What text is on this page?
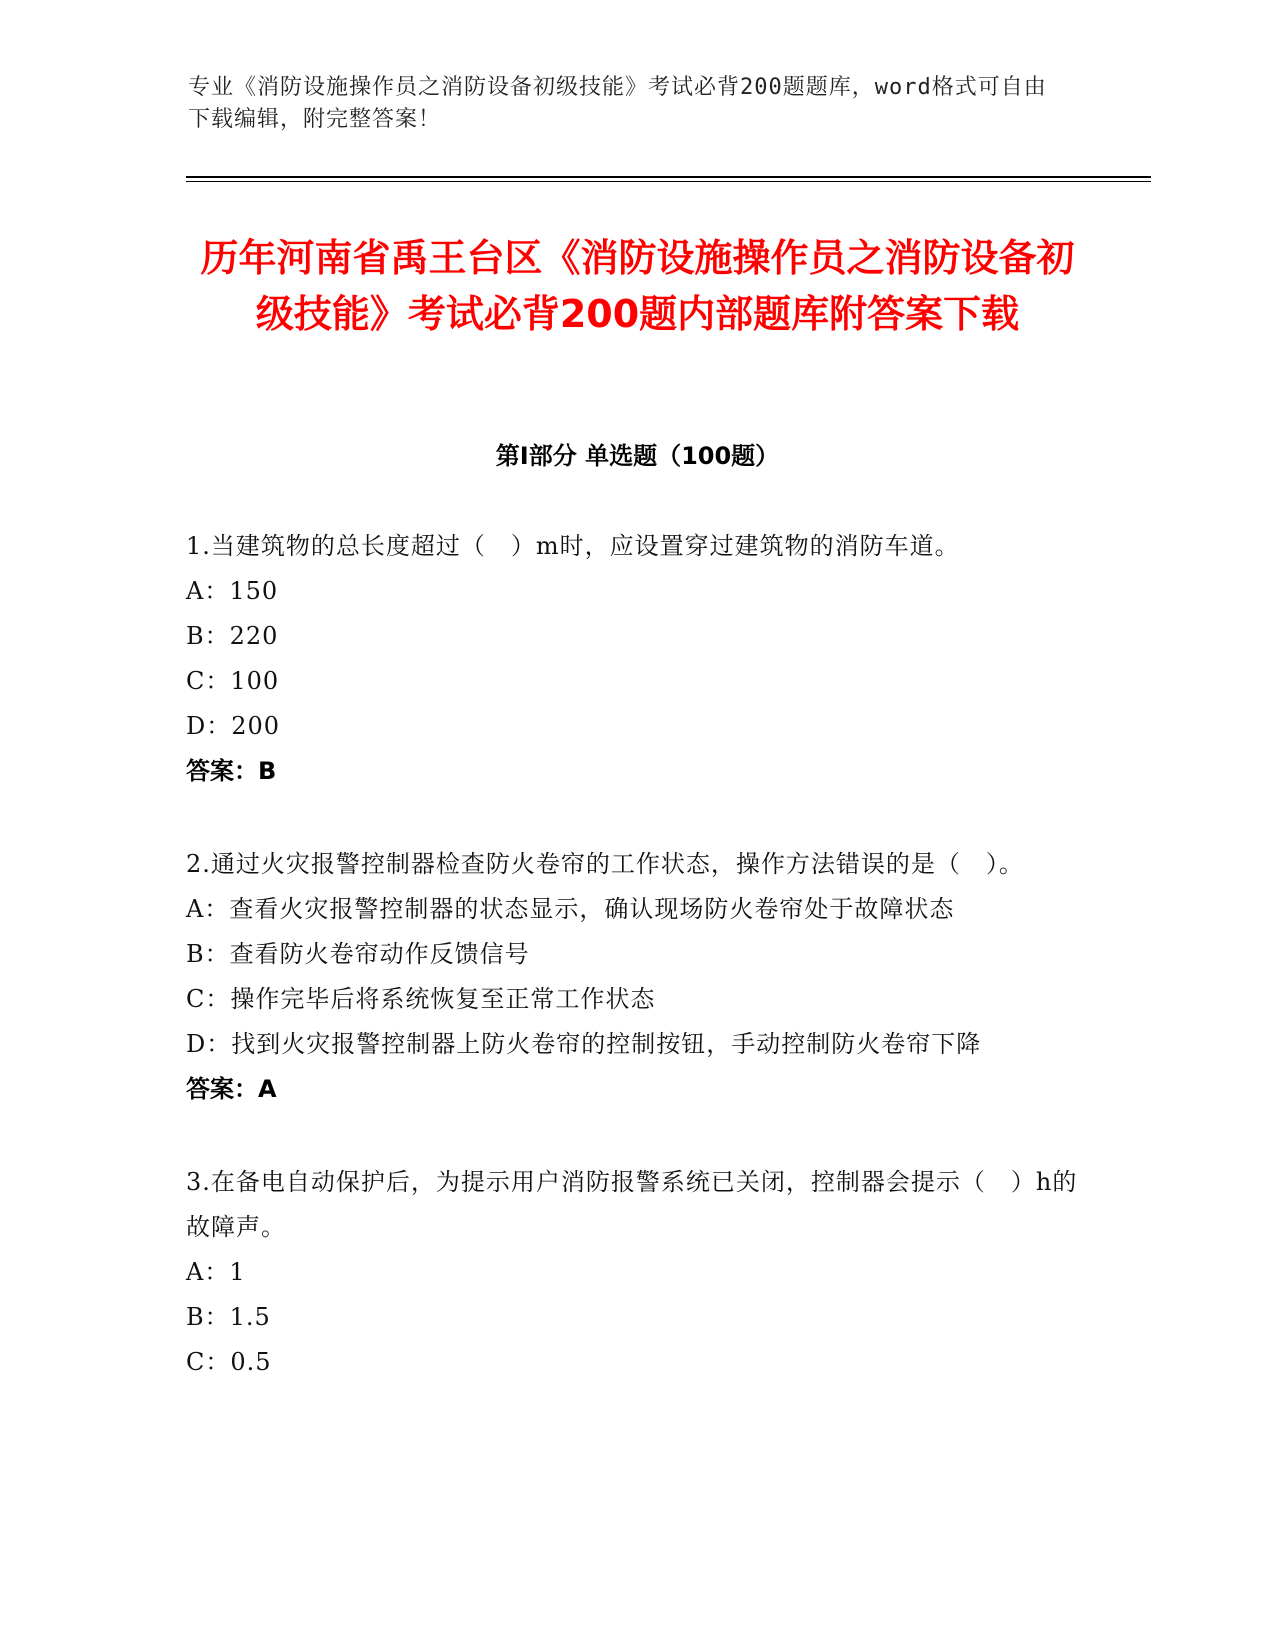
专业《消防设施操作员之消防设备初级技能》考试必背200题题库，word格式可自由下载编辑，附完整答案！
历年河南省禹王台区《消防设施操作员之消防设备初级技能》考试必背200题内部题库附答案下载
第I部分 单选题（100题）
1.当建筑物的总长度超过（　）m时，应设置穿过建筑物的消防车道。
A：150
B：220
C：100
D：200
答案：B
2.通过火灾报警控制器检查防火卷帘的工作状态，操作方法错误的是（　）。
A：查看火灾报警控制器的状态显示，确认现场防火卷帘处于故障状态
B：查看防火卷帘动作反馈信号
C：操作完毕后将系统恢复至正常工作状态
D：找到火灾报警控制器上防火卷帘的控制按钮，手动控制防火卷帘下降
答案：A
3.在备电自动保护后，为提示用户消防报警系统已关闭，控制器会提示（　）h的故障声。
A：1
B：1.5
C：0.5
